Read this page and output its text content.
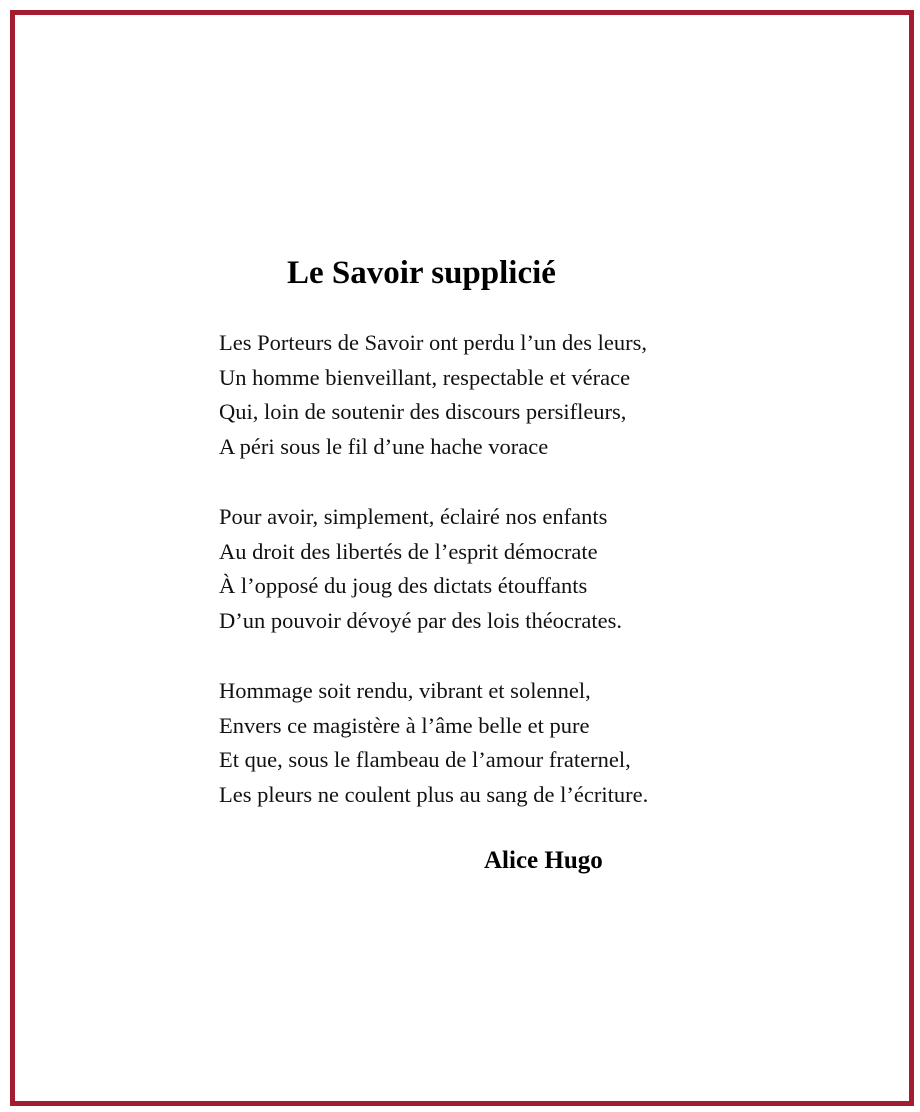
Le Savoir supplicié
Les Porteurs de Savoir ont perdu l’un des leurs,
Un homme bienveillant, respectable et vérace
Qui, loin de soutenir des discours persifleurs,
A péri sous le fil d’une hache vorace
Pour avoir, simplement, éclairé nos enfants
Au droit des libertés de l’esprit démocrate
À l’opposé du joug des dictats étouffants
D’un pouvoir dévoyé par des lois théocrates.
Hommage soit rendu, vibrant et solennel,
Envers ce magistère à l’âme belle et pure
Et que, sous le flambeau de l’amour fraternel,
Les pleurs ne coulent plus au sang de l’écriture.
Alice Hugo
